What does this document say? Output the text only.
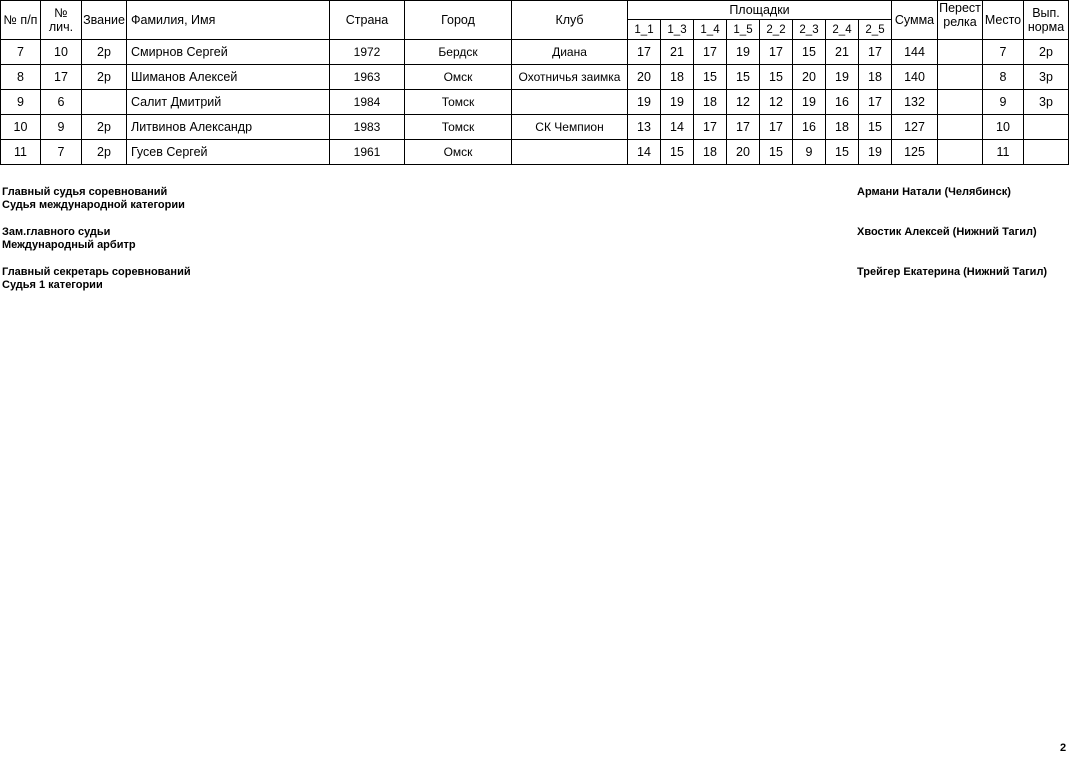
№ п/п	№ лич.	Звание	Фамилия, Имя	Страна	Город	Клуб	Площадки								Сумма	Перест релка	Место	Вып. норма
							1_1	1_3	1_4	1_5	2_2	2_3	2_4	2_5				
7	10	2р	Смирнов Сергей	1972	Бердск	Диана	17	21	17	19	17	15	21	17	144		7	2р
8	17	2р	Шиманов Алексей	1963	Омск	Охотничья заимка	20	18	15	15	15	20	19	18	140		8	3р
9	6		Салит Дмитрий	1984	Томск		19	19	18	12	12	19	16	17	132		9	3р
10	9	2р	Литвинов Александр	1983	Томск	СК Чемпион	13	14	17	17	17	16	18	15	127		10	
11	7	2р	Гусев Сергей	1961	Омск		14	15	18	20	15	9	15	19	125		11	
Главный судья соревнований
Судья международной категории
Армани Натали (Челябинск)
Зам.главного судьи
Международный арбитр
Хвостик Алексей (Нижний Тагил)
Главный секретарь соревнований
Судья 1 категории
Трейгер Екатерина (Нижний Тагил)
2
